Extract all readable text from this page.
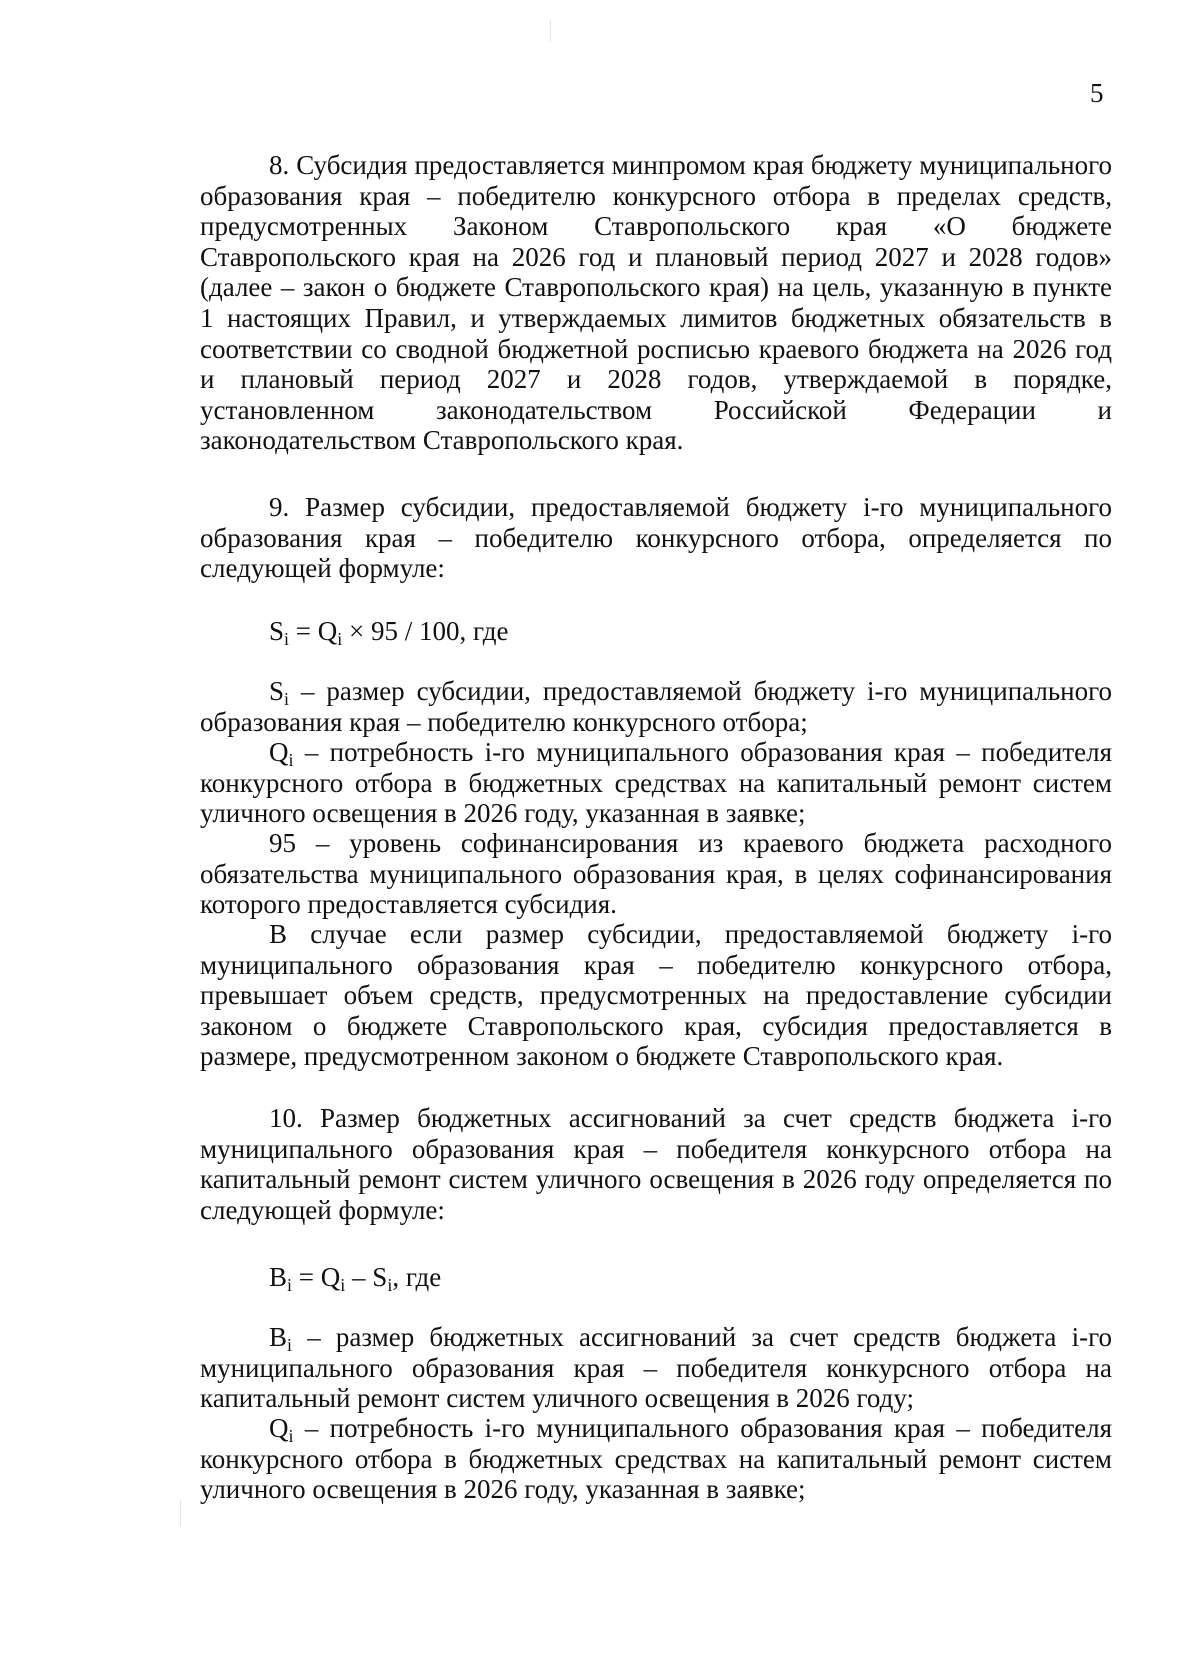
5

8. Субсидия предоставляется минпромом края бюджету муниципального образования края – победителю конкурсного отбора в пределах средств, предусмотренных Законом Ставропольского края «О бюджете Ставропольского края на 2026 год и плановый период 2027 и 2028 годов» (далее – закон о бюджете Ставропольского края) на цель, указанную в пункте 1 настоящих Правил, и утверждаемых лимитов бюджетных обязательств в соответствии со сводной бюджетной росписью краевого бюджета на 2026 год и плановый период 2027 и 2028 годов, утверждаемой в порядке, установленном законодательством Российской Федерации и законодательством Ставропольского края.

9. Размер субсидии, предоставляемой бюджету i-го муниципального образования края – победителю конкурсного отбора, определяется по следующей формуле:

$S_i = Q_i \times 95 / 100$, где

$S_i$ – размер субсидии, предоставляемой бюджету i-го муниципального образования края – победителю конкурсного отбора;

$Q_i$ – потребность i-го муниципального образования края – победителя конкурсного отбора в бюджетных средствах на капитальный ремонт систем уличного освещения в 2026 году, указанная в заявке;

95 – уровень софинансирования из краевого бюджета расходного обязательства муниципального образования края, в целях софинансирования которого предоставляется субсидия.

В случае если размер субсидии, предоставляемой бюджету i-го муниципального образования края – победителю конкурсного отбора, превышает объем средств, предусмотренных на предоставление субсидии законом о бюджете Ставропольского края, субсидия предоставляется в размере, предусмотренном законом о бюджете Ставропольского края.

10. Размер бюджетных ассигнований за счет средств бюджета i-го муниципального образования края – победителя конкурсного отбора на капитальный ремонт систем уличного освещения в 2026 году определяется по следующей формуле:

$B_i = Q_i - S_i$, где

$B_i$ – размер бюджетных ассигнований за счет средств бюджета i-го муниципального образования края – победителя конкурсного отбора на капитальный ремонт систем уличного освещения в 2026 году;

$Q_i$ – потребность i-го муниципального образования края – победителя конкурсного отбора в бюджетных средствах на капитальный ремонт систем уличного освещения в 2026 году, указанная в заявке;
